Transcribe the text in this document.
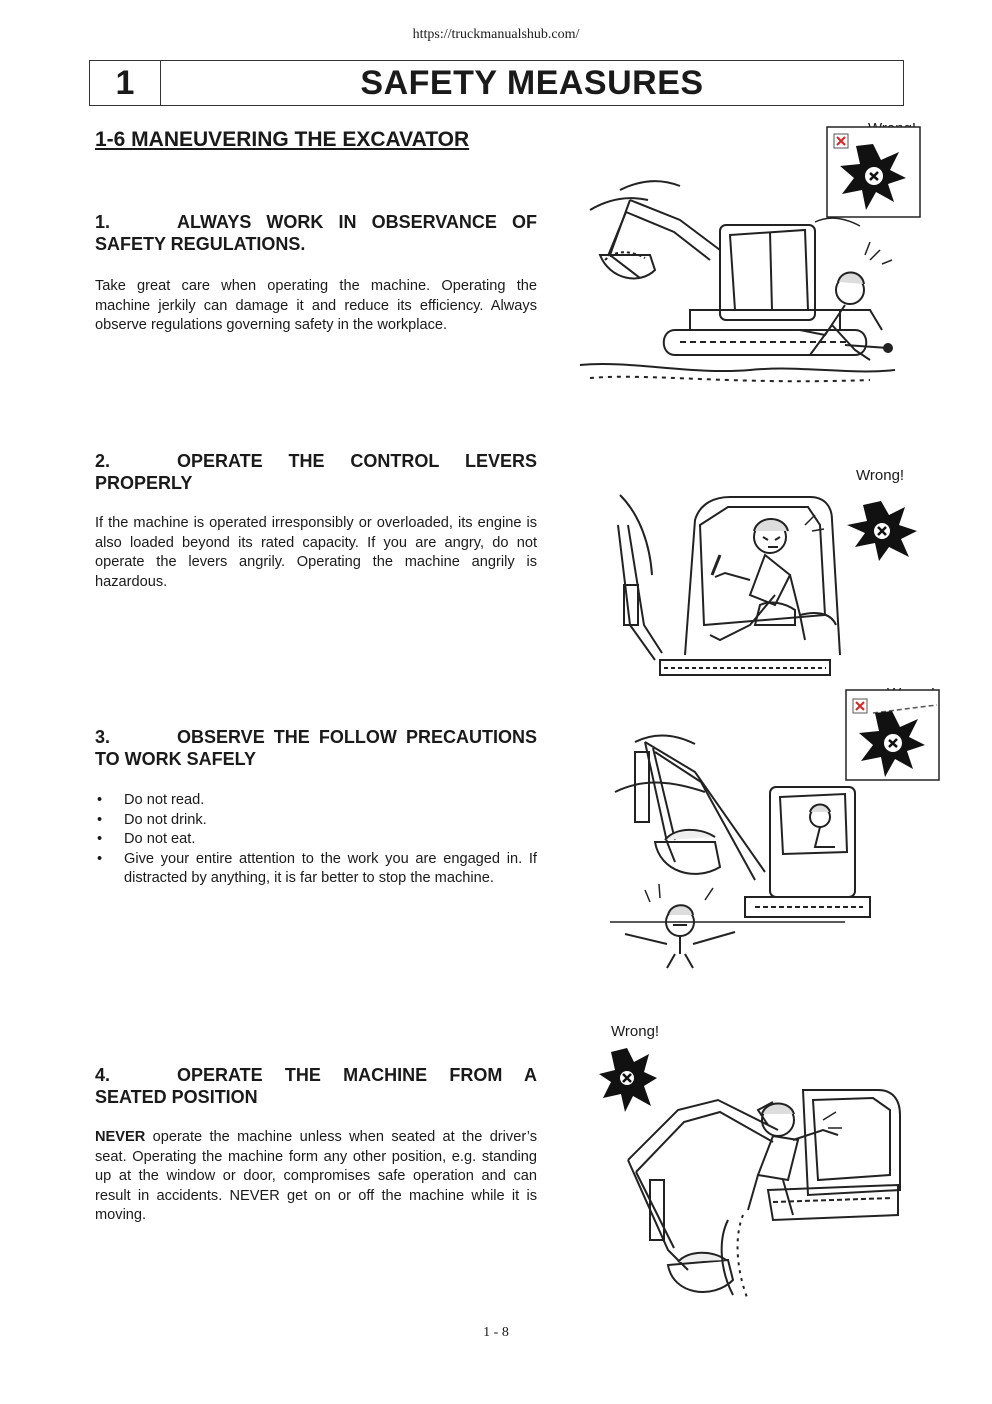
https://truckmanualshub.com/
1	SAFETY MEASURES
1-6 MANEUVERING THE EXCAVATOR
1.	ALWAYS WORK IN OBSERVANCE OF SAFETY REGULATIONS.
Take great care when operating the machine. Operating the machine jerkily can damage it and reduce its efficiency. Always observe regulations governing safety in the workplace.
2.	OPERATE THE CONTROL LEVERS PROPERLY
If the machine is operated irresponsibly or overloaded, its engine is also loaded beyond its rated capacity. If you are angry, do not operate the levers angrily. Operating the machine angrily is hazardous.
3.	OBSERVE THE FOLLOW PRECAUTIONS TO WORK SAFELY
• Do not read.
• Do not drink.
• Do not eat.
• Give your entire attention to the work you are engaged in. If distracted by anything, it is far better to stop the machine.
4.	OPERATE THE MACHINE FROM A SEATED POSITION
NEVER operate the machine unless when seated at the driver’s seat. Operating the machine form any other position, e.g. standing up at the window or door, compromises safe operation and can result in accidents. NEVER get on or off the machine while it is moving.
Wrong!
Wrong!
1 - 8
